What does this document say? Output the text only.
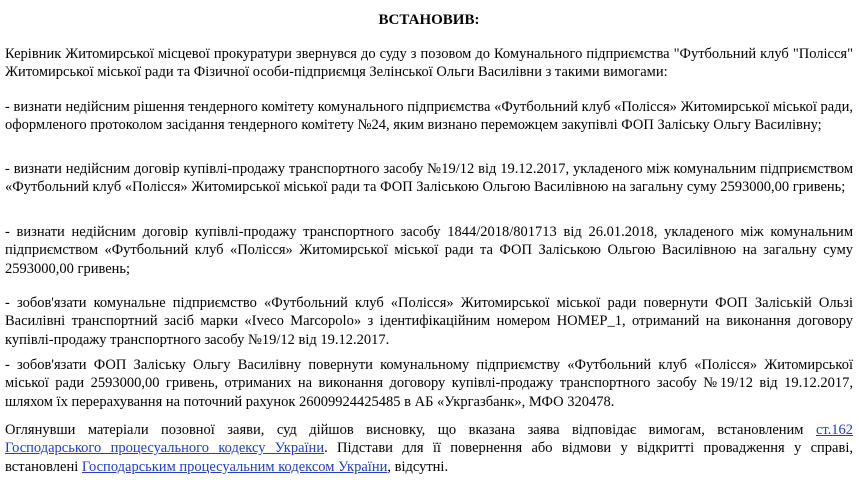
ВСТАНОВИВ:

Керівник Житомирської місцевої прокуратури звернувся до суду з позовом до Комунального підприємства "Футбольний клуб "Полісся" Житомирської міської ради та Фізичної особи-підприємця Зелінської Ольги Василівни з такими вимогами:

- визнати недійсним рішення тендерного комітету комунального підприємства «Футбольний клуб «Полісся» Житомирської міської ради, оформленого протоколом засідання тендерного комітету №24, яким визнано переможцем закупівлі ФОП Заліську Ольгу Василівну;

- визнати недійсним договір купівлі-продажу транспортного засобу №19/12 від 19.12.2017, укладеного між комунальним підприємством «Футбольний клуб «Полісся» Житомирської міської ради та ФОП Заліською Ольгою Василівною на загальну суму 2593000,00 гривень;

- визнати недійсним договір купівлі-продажу транспортного засобу 1844/2018/801713 від 26.01.2018, укладеного між комунальним підприємством «Футбольний клуб «Полісся» Житомирської міської ради та ФОП Заліською Ольгою Василівною на загальну суму 2593000,00 гривень;

- зобов'язати комунальне підприємство «Футбольний клуб «Полісся» Житомирської міської ради повернути ФОП Заліській Ользі Василівні транспортний засіб марки «Iveco Marcopolo» з ідентифікаційним номером НОМЕР_1, отриманий на виконання договору купівлі-продажу транспортного засобу №19/12 від 19.12.2017.

- зобов'язати ФОП Заліську Ольгу Василівну повернути комунальному підприємству «Футбольний клуб «Полісся» Житомирської міської ради 2593000,00 гривень, отриманих на виконання договору купівлі-продажу транспортного засобу №19/12 від 19.12.2017, шляхом їх перерахування на поточний рахунок 26009924425485 в АБ «Укргазбанк», МФО 320478.

Оглянувши матеріали позовної заяви, суд дійшов висновку, що вказана заява відповідає вимогам, встановленим ст.162

Господарського процесуального кодексу України. Підстави для її повернення або відмови у відкритті провадження у справі,

встановлені Господарським процесуальним кодексом України, відсутні.
